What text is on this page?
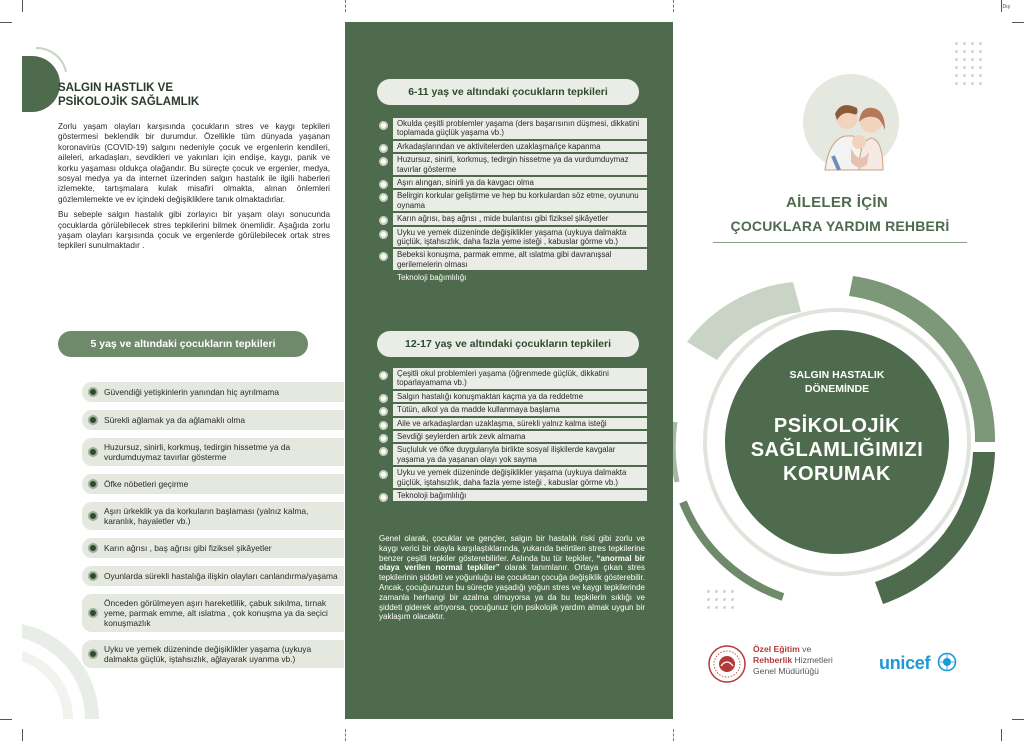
Dış
SALGIN HASTLIK VE
PSİKOLOJİK SAĞLAMLIK

Zorlu yaşam olayları karşısında çocukların stres ve kaygı tepkileri göstermesi beklendik bir durumdur. Özellikle tüm dünyada yaşanan koronavirüs (COVID-19) salgını nedeniyle çocuk ve ergenlerin kendileri, aileleri, arkadaşları, sevdikleri ve yakınları için endişe, kaygı, panik ve korku yaşaması oldukça olağandır. Bu süreçte çocuk ve ergenler, medya, sosyal medya ya da internet üzerinden salgın hastalık ile ilgili haberleri izlemekte, tartışmalara kulak misafiri olmakta, alınan önlemleri gözlemlemekte ve ev içindeki değişikliklere tanık olmaktadırlar.

Bu sebeple salgın hastalık gibi zorlayıcı bir yaşam olayı sonucunda çocuklarda görülebilecek stres tepkilerini bilmek önemlidir. Aşağıda zorlu yaşam olayları karşısında çocuk ve ergenlerde görülebilecek ortak stres tepkileri sunulmaktadır .

5 yaş ve altındaki çocukların tepkileri
Güvendiği yetişkinlerin yanından hiç ayrılmama
Sürekli ağlamak ya da ağlamaklı olma
Huzursuz, sinirli, korkmuş, tedirgin hissetme ya da vurdumduymaz tavırlar gösterme
Öfke nöbetleri geçirme
Aşırı ürkeklik ya da korkuların başlaması (yalnız kalma, karanlık, hayaletler vb.)
Karın ağrısı , baş ağrısı gibi fiziksel şikâyetler
Oyunlarda sürekli hastalığa ilişkin olayları canlandırma/yaşama
Önceden görülmeyen aşırı hareketlilik, çabuk sıkılma, tırnak yeme, parmak emme, alt ıslatma , çok konuşma ya da seçici konuşmazlık
Uyku ve yemek düzeninde değişiklikler yaşama (uykuya dalmakta güçlük, iştahsızlık, ağlayarak uyanma vb.)
6-11 yaş ve altındaki çocukların tepkileri
Okulda çeşitli problemler yaşama (ders başarısının düşmesi, dikkatini toplamada güçlük yaşama vb.)
Arkadaşlarından ve aktivitelerden uzaklaşma/içe kapanma
Huzursuz, sinirli, korkmuş, tedirgin hissetme ya da vurdumduymaz tavırlar gösterme
Aşırı alıngan, sinirli ya da kavgacı olma
Belirgin korkular geliştirme ve hep bu korkulardan söz etme, oyununu oynama
Karın ağrısı, baş ağrısı , mide bulantısı gibi fiziksel şikâyetler
Uyku ve yemek düzeninde değişiklikler yaşama (uykuya dalmakta güçlük, iştahsızlık, daha fazla yeme isteği , kabuslar görme vb.)
Bebeksi konuşma, parmak emme, alt ıslatma gibi davranışsal gerilemelerin olması
Teknoloji bağımlılığı
12-17 yaş ve altındaki çocukların tepkileri
Çeşitli okul problemleri yaşama (öğrenmede güçlük, dikkatini toparlayamama vb.)
Salgın hastalığı konuşmaktan kaçma ya da reddetme
Tütün, alkol ya da madde kullanmaya başlama
Aile ve arkadaşlardan uzaklaşma, sürekli yalnız kalma isteği
Sevdiği şeylerden artık zevk almama
Suçluluk ve öfke duygularıyla birlikte sosyal ilişkilerde kavgalar yaşama ya da yaşanan olayı yok sayma
Uyku ve yemek düzeninde değişiklikler yaşama (uykuya dalmakta güçlük, iştahsızlık, daha fazla yeme isteği , kabuslar görme vb.)
Teknoloji bağımlılığı
Genel olarak, çocuklar ve gençler, salgın bir hastalık riski gibi zorlu ve kaygı verici bir olayla karşılaştıklarında, yukarıda belirtilen stres tepkilerine benzer çeşitli tepkiler gösterebilirler. Aslında bu tür tepkiler, “anormal bir olaya verilen normal tepkiler” olarak tanımlanır. Ortaya çıkan stres tepkilerinin şiddeti ve yoğunluğu ise çocuktan çocuğa değişiklik gösterebilir. Ancak, çocuğunuzun bu süreçte yaşadığı yoğun stres ve kaygı tepkilerinde zamanla herhangi bir azalma olmuyorsa ya da bu tepkilerin sıklığı ve şiddeti giderek artıyorsa, çocuğunuz için psikolojik yardım almak uygun bir yaklaşım olacaktır.
AİLELER İÇİN
ÇOCUKLARA YARDIM REHBERİ
SALGIN HASTALIK
DÖNEMİNDE
PSİKOLOJİK
SAĞLAMLIĞIMIZI
KORUMAK
Özel Eğitim ve
Rehberlik Hizmetleri
Genel Müdürlüğü	unicef
